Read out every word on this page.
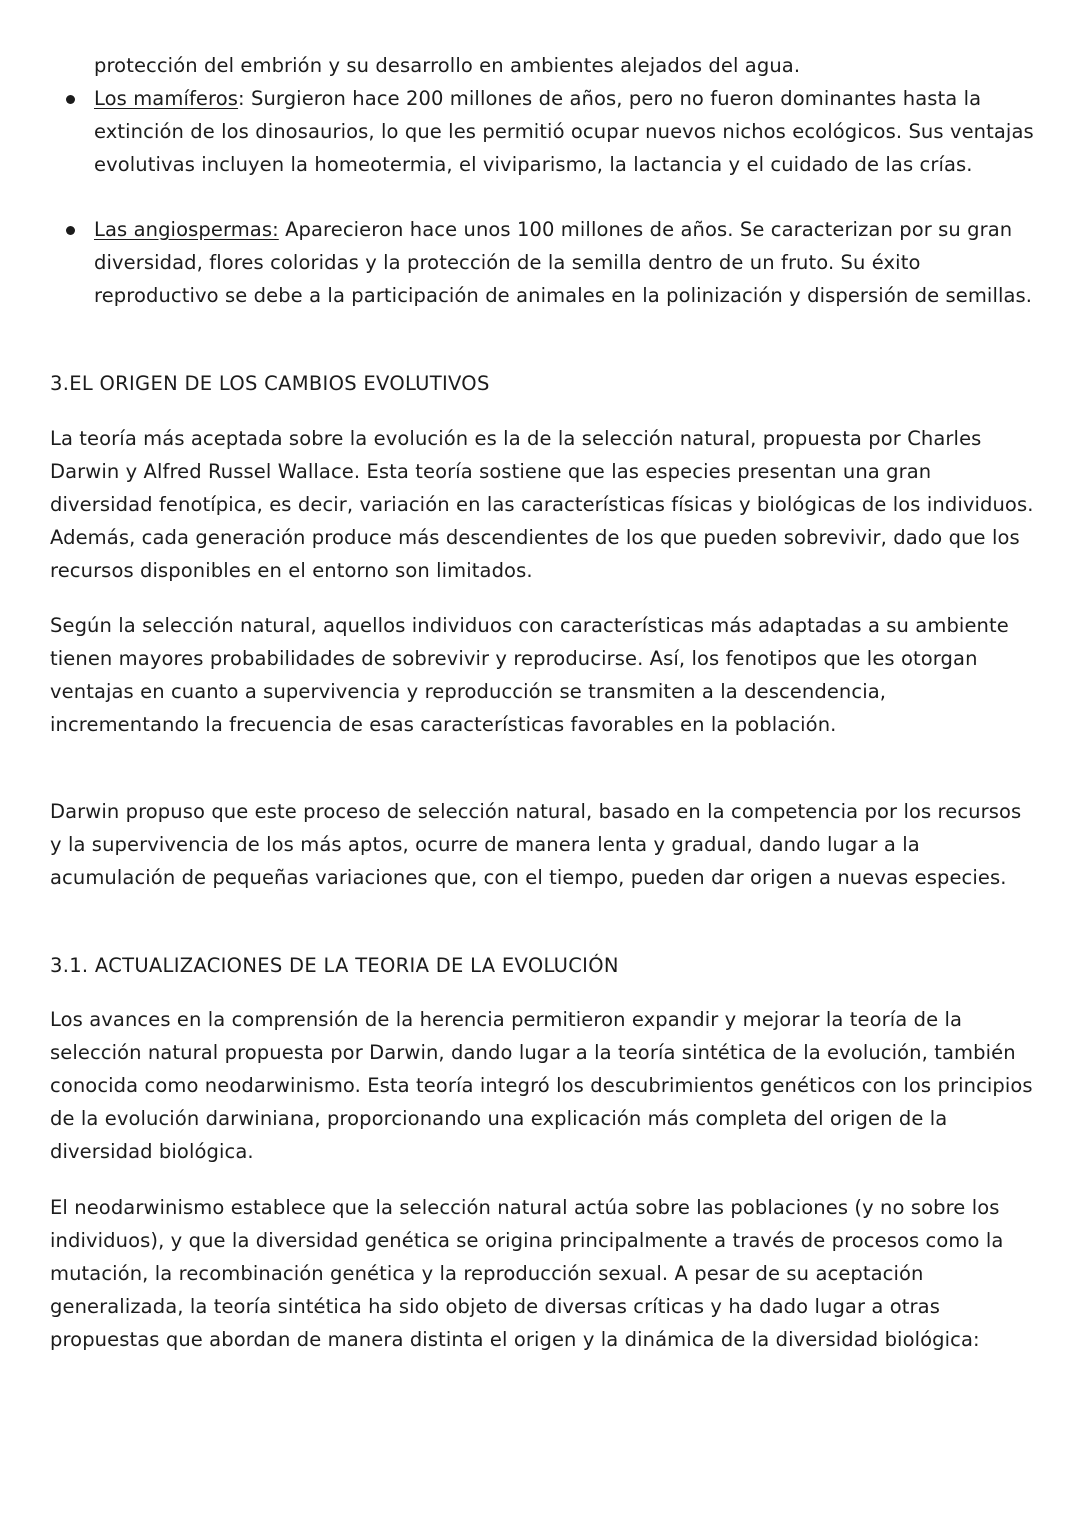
protección del embrión y su desarrollo en ambientes alejados del agua.
Los mamíferos: Surgieron hace 200 millones de años, pero no fueron dominantes hasta la extinción de los dinosaurios, lo que les permitió ocupar nuevos nichos ecológicos. Sus ventajas evolutivas incluyen la homeotermia, el viviparismo, la lactancia y el cuidado de las crías.
Las angiospermas: Aparecieron hace unos 100 millones de años. Se caracterizan por su gran diversidad, flores coloridas y la protección de la semilla dentro de un fruto. Su éxito reproductivo se debe a la participación de animales en la polinización y dispersión de semillas.
3.EL ORIGEN DE LOS CAMBIOS EVOLUTIVOS
La teoría más aceptada sobre la evolución es la de la selección natural, propuesta por Charles Darwin y Alfred Russel Wallace. Esta teoría sostiene que las especies presentan una gran diversidad fenotípica, es decir, variación en las características físicas y biológicas de los individuos. Además, cada generación produce más descendientes de los que pueden sobrevivir, dado que los recursos disponibles en el entorno son limitados.
Según la selección natural, aquellos individuos con características más adaptadas a su ambiente tienen mayores probabilidades de sobrevivir y reproducirse. Así, los fenotipos que les otorgan ventajas en cuanto a supervivencia y reproducción se transmiten a la descendencia, incrementando la frecuencia de esas características favorables en la población.
Darwin propuso que este proceso de selección natural, basado en la competencia por los recursos y la supervivencia de los más aptos, ocurre de manera lenta y gradual, dando lugar a la acumulación de pequeñas variaciones que, con el tiempo, pueden dar origen a nuevas especies.
3.1. ACTUALIZACIONES DE LA TEORIA DE LA EVOLUCIÓN
Los avances en la comprensión de la herencia permitieron expandir y mejorar la teoría de la selección natural propuesta por Darwin, dando lugar a la teoría sintética de la evolución, también conocida como neodarwinismo. Esta teoría integró los descubrimientos genéticos con los principios de la evolución darwiniana, proporcionando una explicación más completa del origen de la diversidad biológica.
El neodarwinismo establece que la selección natural actúa sobre las poblaciones (y no sobre los individuos), y que la diversidad genética se origina principalmente a través de procesos como la mutación, la recombinación genética y la reproducción sexual. A pesar de su aceptación generalizada, la teoría sintética ha sido objeto de diversas críticas y ha dado lugar a otras propuestas que abordan de manera distinta el origen y la dinámica de la diversidad biológica:
